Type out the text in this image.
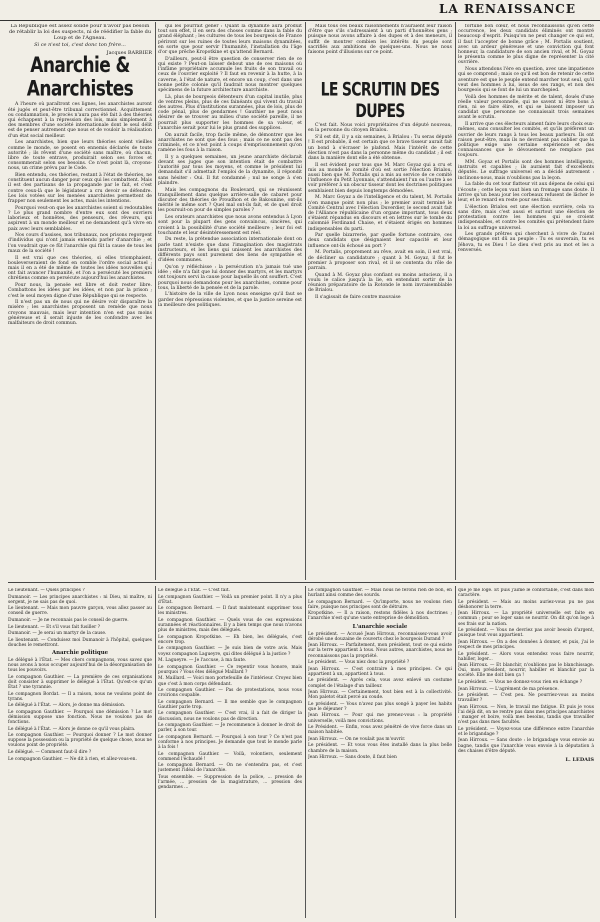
LA RENAISSANCE
La République est assez solide pour n'avoir pas besoin de rétablir la loi des suspects, ni de réédifier la fable du Loup et de l'Agneau.
Si ce n'est toi, c'est donc ton frère...
Jacques BARBIER
Anarchie & Anarchistes

A l'heure où paraîtront ces lignes, les anarchistes auront été jugés et peut-être tribunal correctionnel. Acquittement ou condamnation, le procès n'aura pas été fait à des théories qui échappent à la répression des lois, mais simplement à des membres d'une société internationale dont le seul délit est de penser autrement que nous et de vouloir la réalisation d'un état social meilleur.

Les anarchistes, bien que leurs théories soient vieilles comme le monde, se posent en ennemis déclarés de toute autorité ; ils rêvent d'une société sans maître, où chacun, libre de toute entrave, produirait selon ses forces et consommerait selon ses besoins. Ce n'est point là, croyons-nous, un crime prévu par le Code.

Bien entendu, ces théories, restant à l'état de théories, ne constituent aucun danger pour ceux qui les combattent. Mais il est des partisans de la propagande par le fait, et c'est contre ceux-là que le législateur a cru devoir se défendre. Les lois votées sur les menées anarchistes permettent de frapper non seulement les actes, mais les intentions.

Pourquoi veut-on que les anarchistes soient si redoutables ? Le plus grand nombre d'entre eux sont des ouvriers laborieux et honnêtes, des penseurs, des rêveurs, qui aspirent à un monde meilleur et ne demandent qu'à vivre en paix avec leurs semblables.

Nos cours d'assises, nos tribunaux, nos prisons regorgent d'individus qui n'ont jamais entendu parler d'anarchie ; et l'on voudrait que ce fût l'anarchie qui fût la cause de tous les maux de la société !

Il est vrai que ces théories, si elles triomphaient, bouleverseraient de fond en comble l'ordre social actuel ; mais il en a été de même de toutes les idées nouvelles qui ont fait avancer l'humanité, et l'on a persécuté les premiers chrétiens comme on persécute aujourd'hui les anarchistes.

Pour nous, la pensée est libre et doit rester libre. Combattons les idées par les idées, et non par la prison ; c'est le seul moyen digne d'une République qui se respecte.

Il n'est pas un de nous qui ne désire voir disparaître la misère ; les anarchistes proposent un remède que nous croyons mauvais, mais leur intention n'en est pas moins généreuse et il serait injuste de les confondre avec les malfaiteurs de droit commun.

qui les pourrait gêner : Quant la dynamite aura produit tout son effet, il en sera des choses comme dans la fable du grand éléphant ; les cultures de tous les bourgeois de France périront sur les ruines de toutes leurs maisons dynamitées, en sorte que pour servir l'humanité, l'installation du l'âge d'or que prêche Kropotkine et qu'attend Bernard.

D'ailleurs, peut-il être question de conserver rien de ce qui existe ? Peut-on laisser debout une de ces maisons où l'infâme propriétaire accumule les fruits de son travail ou ceux de l'ouvrier exploité ? Il faut en revenir à la hutte, à la caverne, à l'état de nature, et encore un coup, c'est dans une bonne petite colonie qu'il faudrait nous montrer quelques spécimens de la future architecture anarchiste.

Là, plus de bourgeois détenteurs d'un capital inutile, plus de ventres pleins, plus de ces fainéants qui vivent du travail des autres. Plus d'institutions surannées, plus de lois, plus de code pénal, plus de gendarmes ! Gauthier ne peut nous désirer de se trouver au milieu d'une société pareille, il ne pourrait plus supporter les hommes de sa valeur, et l'anarchie serait pour lui le plus grand des supplices.

On aurait facile, trop facile même, de démontrer que les anarchistes ne sont que des fous ; mais ce ne sont pas des criminels, et ce n'est point à coups d'emprisonnement qu'on ramène les fous à la raison.

Il y a quelques semaines, un jeune anarchiste déclarait devant ses juges que son intention était de combattre l'autorité par tous les moyens, et comme le président lui demandait s'il admettait l'emploi de la dynamite, il répondit sans hésiter : Oui. Il fut condamné ; nul ne songe à s'en plaindre.

Mais les compagnons du Boulevard, qui se réunissent tranquillement dans quelque arrière-salle de cabaret pour discuter des théories de Proudhon et de Bakounine, ont-ils mérité le même sort ? Quel mal ont-ils fait, et de quel droit les poursuit-on pour de simples paroles ?

Les orateurs anarchistes que nous avons entendus à Lyon sont pour la plupart des gens convaincus, sincères, qui croient à la possibilité d'une société meilleure ; leur foi est touchante et leur désintéressement est réel.

Du reste, la prétendue association internationale dont on parle tant n'existe que dans l'imagination des magistrats instructeurs, et les liens qui unissent les anarchistes des différents pays sont purement des liens de sympathie et d'idées communes.

Qu'on y réfléchisse : la persécution n'a jamais tué une idée ; elle n'a fait que lui donner des martyrs, et les martyrs ont toujours servi la cause pour laquelle ils ont souffert. C'est pourquoi nous demandons pour les anarchistes, comme pour tous, la liberté de la pensée et de la parole.

L'histoire de la ville de Lyon nous enseigne qu'il faut se garder des répressions violentes, et que la justice sereine est la meilleure des politiques.

Mais tous ces beaux raisonnements n'auraient leur raison d'être que s'ils s'adressaient à un parti d'honnêtes gens ; puisque nous avons affaire à des dupes et à des meneurs, il suffit de montrer combien les intérêts du peuple sont sacrifiés aux ambitions de quelques-uns. Nous ne nous faisons point d'illusions sur ce point.

LE SCRUTIN DES DUPES

C'est fait. Nous voici propriétaires d'un député nouveau, en la personne du citoyen Brialou.

S'il est dit, il y a six semaines, à Brialou : Tu seras député ! Il est probable, il est certain que ce brave tisseur aurait fait un bond à s'écraser le plafond. Mais l'intérêt de cette élection n'est pas dans la personne même du candidat ; il est dans la manière dont elle a été obtenue.

Il est évident pour tous que M. Marc Goyaz qui a cru et mis au monde le comité d'où est sortie l'élection Brialou, aussi bien que M. Portalis qui a mis au service de ce comité l'influence du Petit Lyonnais, s'attendaient l'un ou l'autre à se voir préférer à un obscur tisseur dont les doctrines politiques semblaient bien depuis longtemps démodées.

M. Marc Goyaz a de l'intelligence et du talent, M. Portalis n'en manque point non plus ; le premier avait terminé le Comité Central avec l'élection Duverdier, le second avait fait de l'Alliance républicaine d'un organe important, tous deux s'étaient répandus en discours et en lettres sur le tombe du calomnié Ferdinand Chaise, et s'étaient érigés en hommes indispensables du parti.

Par quelle bizarrerie, par quelle fortune contraire, ces deux candidats que désignaient leur capacité et leur influence ont-ils échoué au port ?

M. Portalis, proprement au rêve, avait en soin, il est vrai, de décliner sa candidature ; quant à M. Goyaz, il fut le premier à proposer son rival, et il se contenta du rôle de parrain.

Quand à M. Goyaz plus confiant ou moins astucieux, il a voulu le calice jusqu'à la lie, en entendant sortir de la réunion préparatoire de la Rotonde le nom invraisemblable de Brialou.

Il s'agissait de faire contre mauvaise

fortune bon cœur, et nous reconnaissons qu'en cette occurrence, les deux candidats éliminés ont montré beaucoup d'esprit. Puisqu'on ne peut changer ce qui est, il faut l'accepter de bonne grâce ; M. Portalis soutient, avec un ardeur généreuse et une conviction qui font honneur, la candidature de son ancien rival, et M. Goyaz le présenta comme le plus digne de représenter la cité ouvrière.

Nous attendons l'ère en question, avec une impatience qui se comprend ; mais ce qu'il est bon de retenir de cette aventure est que le peuple entend marcher tout seul, qu'il veut des hommes à lui, issus de ses rangs, et non des bourgeois qui se font de lui un marchepied.

Voilà des hommes de mérite et de talent, doués d'une réelle valeur personnelle, qui ne savent ni être bons à rien, ni se faire élire, et qui se laissent imposer un candidat que personne ne connaissait trois semaines avant le scrutin.

Il arrive que ces électeurs aiment faire leurs choix eux-mêmes, sans consulter les comités, et qu'ils préfèrent un ouvrier de leurs rangs à tous les beaux parleurs. Ils ont raison peut-être, mais ils ne devraient pas oublier que la politique exige une certaine expérience et des connaissances que le dévouement ne remplace pas toujours.

MM. Goyaz et Portalis sont des hommes intelligents, instruits et capables ; ils auraient fait d'excellents députés. Le suffrage universel en a décidé autrement : inclinons-nous, mais n'oublions pas la leçon.

La fable du cet tour flatteur vit aux dépens de celui qui l'écoute ; cette leçon vaut bien un fromage sans doute. Il arrive qu'un beau jour les corbeaux refusent de lâcher le leur, et le renard en reste pour ses frais.

L'élection Brialou est une élection ouvrière, cela va sans dire, mais c'est aussi et surtout une élection de protestation contre les hommes qui se croient indispensables, et contre les comités qui prétendent faire la loi au suffrage universel.

Les grands prêtres qui cherchent à vivre de l'autel démagogique ont dû au peuple : Tu es souverain, tu es Jéhova, tu es Dieu ! Le dieu s'est pris au mot et les a renversés.

Le lieutenant. — Quels principes ?

Dumanoir. — Les principes anarchistes : ni Dieu, ni maître, ni sergent, je ne sais pas de quoi.

Le lieutenant. — Mais mon pauvre garçon, vous allez passer au conseil de guerre.

Dumanoir. — Je ne reconnais pas le conseil de guerre.

Le lieutenant. — Et s'il vous fait fusiller ?

Dumanoir. — Je serai un martyr de la cause.

Le lieutenant. — Conduisez moi Dumanoir à l'hôpital, quelques douches le remettront.

Anarchie politique

Le délégué à l'État. — Mes chers compagnons, vous savez que nous avons à nous occuper aujourd'hui de la désorganisation de tous les pouvoirs.

Le compagnon Gauthier. — La première de ces organisations doit consister à supprimer le délégué à l'État. Qu'est-ce qu'un État ? une tyrannie.

Le compagnon Bordat. — Il a raison, nous ne voulons point de tyrans.

Le délégué à l'État. — Alors, je donne ma démission.

Le compagnon Gauthier. — Pourquoi une démission ? Le mot démission suppose une fonction. Nous ne voulons pas de fonctions.

Le délégué à l'État. — Alors je donne ce qu'il vous plaira.

Le compagnon Gauthier. — Pourquoi donner ? Le mot donner suppose la possession ou la propriété de quelque chose, nous ne voulons point de propriété.

Le délégué. — Comment faut-il dire ?

Le compagnon Gauthier. — Ne dit à rien, et allez-vous-en.

Le délégué à l'État. — C'est fait.

Le compagnon Gauthier. — Voilà un premier point. Il n'y a plus d'État.

Le compagnon Bernard. — Il faut maintenant supprimer tous les ministres.

Le compagnon Gauthier. — Quels vous de ces expressions surannées et réactionnaires. Il y a bien temps que nous n'avons plus de ministres, mais des délégués.

Le compagnon Kropotkine. — Eh bien, les délégués, c'est encore trop.

Le compagnon Gauthier. — Je suis bien de votre avis. Mais voyez compagnon Lagueyre, qui dites délégué à la justice ?

M. Lagueyre. — Je l'accuse, à ma faute.

Le compagnon Gauthier. — Ce repentir vous honore, mais pourquoi ? Vous êtes délégué Maillard ?

M. Maillard. — Voici mon portefeuille de l'intérieur. Croyez bien que c'est à mon corps défendant.

Le compagnon Gauthier. — Pas de protestations, nous vous croirions coupable.

Le compagnon Bernard. — Il me semble que le compagnon Gauthier parle trop.

Le compagnon Gauthier. — C'est vrai, il a fait de diriger la discussion, nous ne voulons pas de direction.

Le compagnon Gauthier. — Je recommence à donner le droit de parler, à son tour.

Le compagnon Bernard. — Pourquoi à son tour ? Ce n'est pas conforme à nos principes. Je demande que tout le monde parle à la fois !

Le compagnon Gauthier. — Voilà, volontiers, seulement commend l'échaudé !

Le compagnon Bernard. — On ne s'entendra pas, et c'est justement l'idéal de l'anarchie.

Tous ensemble. — Suppression de la police, ... pression de l'armée, ... pression de la magistrature, ... pression des gendarmes ...

Le compagnon Gauthier. — Mais nous ne ferons rien de bon, en hurlant ainsi comme des sourds.

Le compagnon Bernard. — Qu'importe, nous ne voulons rien faire, puisque nos principes sont de détruire.

Kropotkine. — Il a raison, restons fidèles à nos doctrines ; l'anarchie n'est qu'une vaste entreprise de démolition.

L'anarchie sociale

Le président. — Accusé Jean Hirroux, reconnaissez-vous avoir dérobé une douzaine de couverts chez le bourgeois Durand ?

Jean Hirroux. — Parfaitement, mon président, tout ce qui existe sur la terre appartient à tous. Nous autres, anarchistes, nous ne reconnaissons pas la propriété.

Le président. — Vous niez donc la propriété ?

Jean Hirroux. — C'est contraire à mes principes. Ce qui appartient à un, appartient à tous.

Le président. — Après cela, vous avez enlevé un costume complet de l'étalage d'un tailleur.

Jean Hirroux. — Certainement, tout bien est à la collectivité. Mon paletot était percé au coude.

Le président. — Vous n'avez pas plus songé à payer les habits que le déjeuner ?

Jean Hirroux. — Pour qui me prenez-vous : la propriété universelle, voilà mes convictions.

Le Président. — Enfin, vous avez pénétré de vive force dans un maison habitée.

Jean Hirroux. — On ne voulait pas m'ouvrir.

Le président. — Et vous vous êtes installé dans la plus belle chambre de la maison.

Jean Hirroux. — Sans doute, il faut bien

que je me loge. Et puis j'aime le confortable, c'est dans mon caractère.

Le président. — Mais au moins auriez-vous pu ne pas déshonorer la terre.

Jean Hirroux. — La propriété universelle est faite en commun ; pour se loger sans se nourrir. On dit qu'on loge à ses frais sur la nation.

Le président. — Vous ne devriez pas avoir besoin d'argent, puisque tout vous appartient.

Jean Hirroux. — On a des données à donner, et puis, j'ai le respect de mes principes.

Le président. — Alors vous entendez vous faire nourrir, habiller, loger...

Jean Hirroux. — Et blanchir, n'oublions pas le blanchissage. Oui, mon président, nourrir, habiller et blanchir par la société. Elle me doit bien ça !

Le président. — Vous ne donnez-vous rien en échange ?

Jean Hirroux. — L'agrément de ma présence.

Le président. — C'est peu. Ne pourriez-vous au moins travailler ?

Jean Hirroux. — Non, le travail me fatigue. Et puis je vous l'ai déjà dit, on ne rentre pas dans mes principes anarchistes : manger et boire, voilà mes besoins, tandis que travailler n'est pas dans mes facultés.

Le président. — Voyez-vous une différence entre l'anarchie et le brigandage ?

Jean Hirroux. — Sans doute : le brigandage vous envoie au bagne, tandis que l'anarchie vous envoie à la députation à des chaises d'être député.

L. LEDAIS
